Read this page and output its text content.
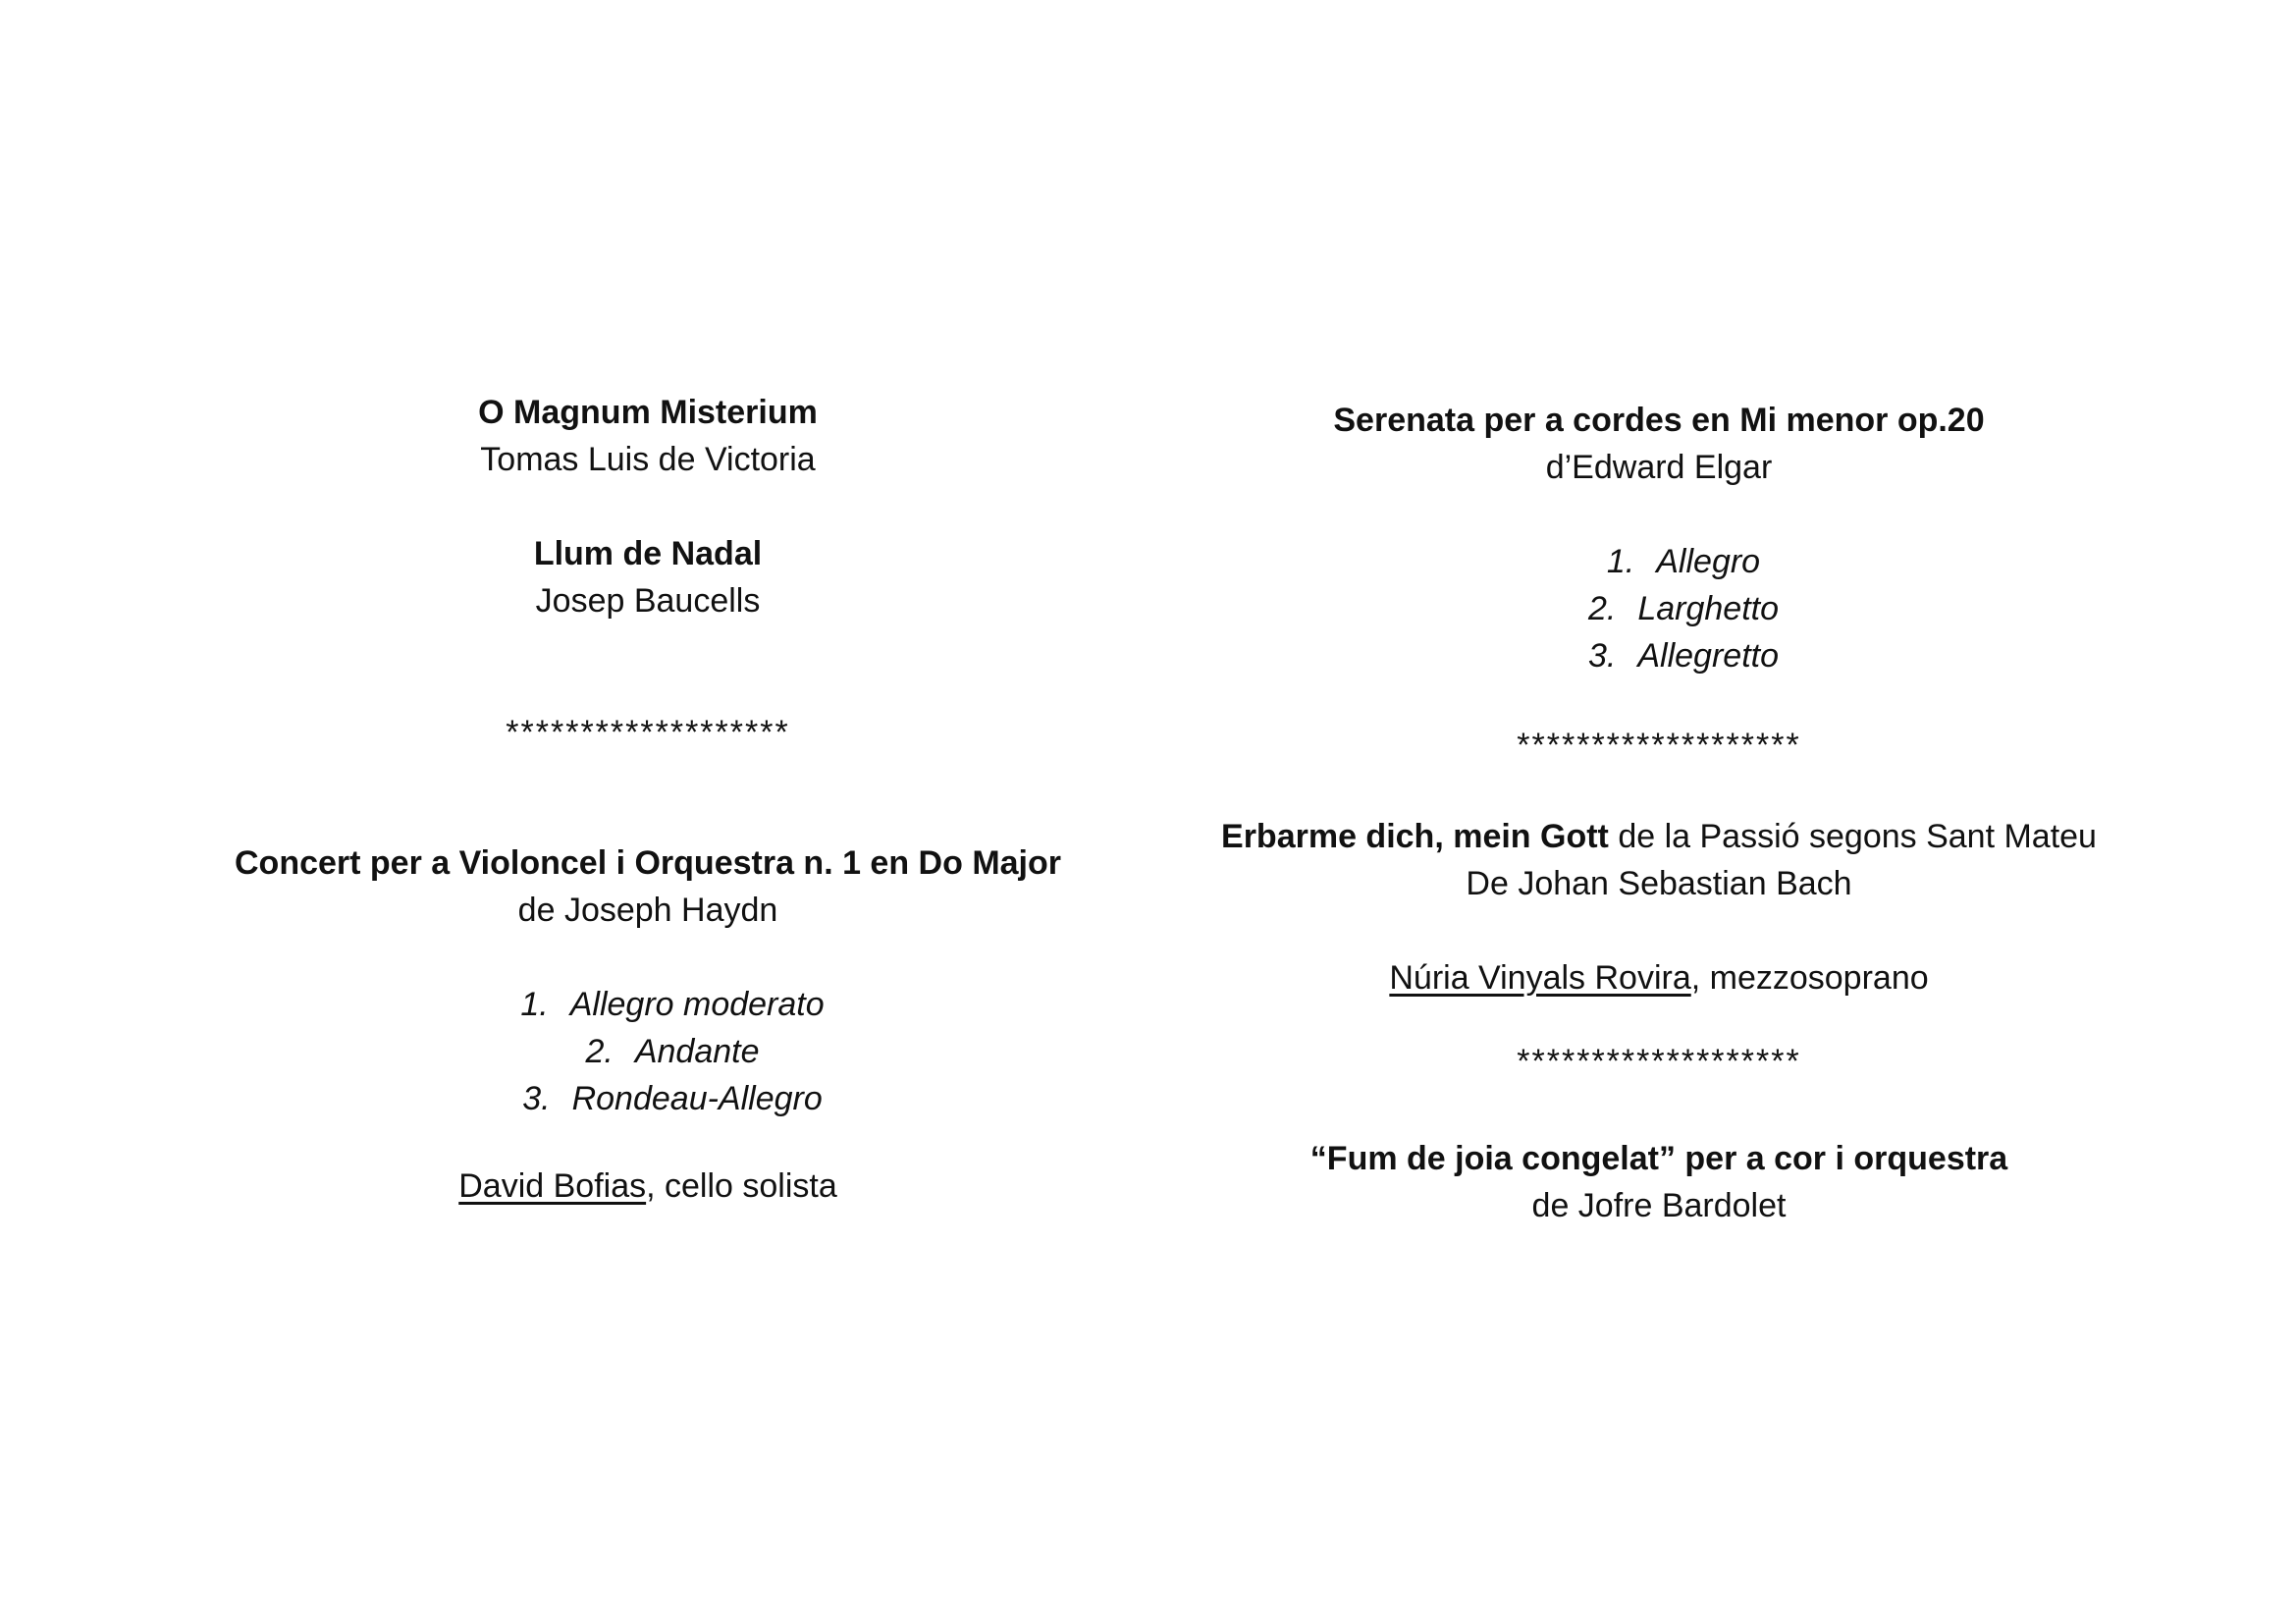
O Magnum Misterium
Tomas Luis de Victoria
Llum de Nadal
Josep Baucells
*******************
Concert per a Violoncel i Orquestra n. 1 en Do Major
de Joseph Haydn
1. Allegro moderato
2. Andante
3. Rondeau-Allegro
David Bofias, cello solista
Serenata per a cordes en Mi menor op.20
d’Edward Elgar
1. Allegro
2. Larghetto
3. Allegretto
*******************
Erbarme dich, mein Gott de la Passió segons Sant Mateu
De Johan Sebastian Bach
Núria Vinyals Rovira, mezzosoprano
*******************
“Fum de joia congelat” per a cor i orquestra
de Jofre Bardolet
